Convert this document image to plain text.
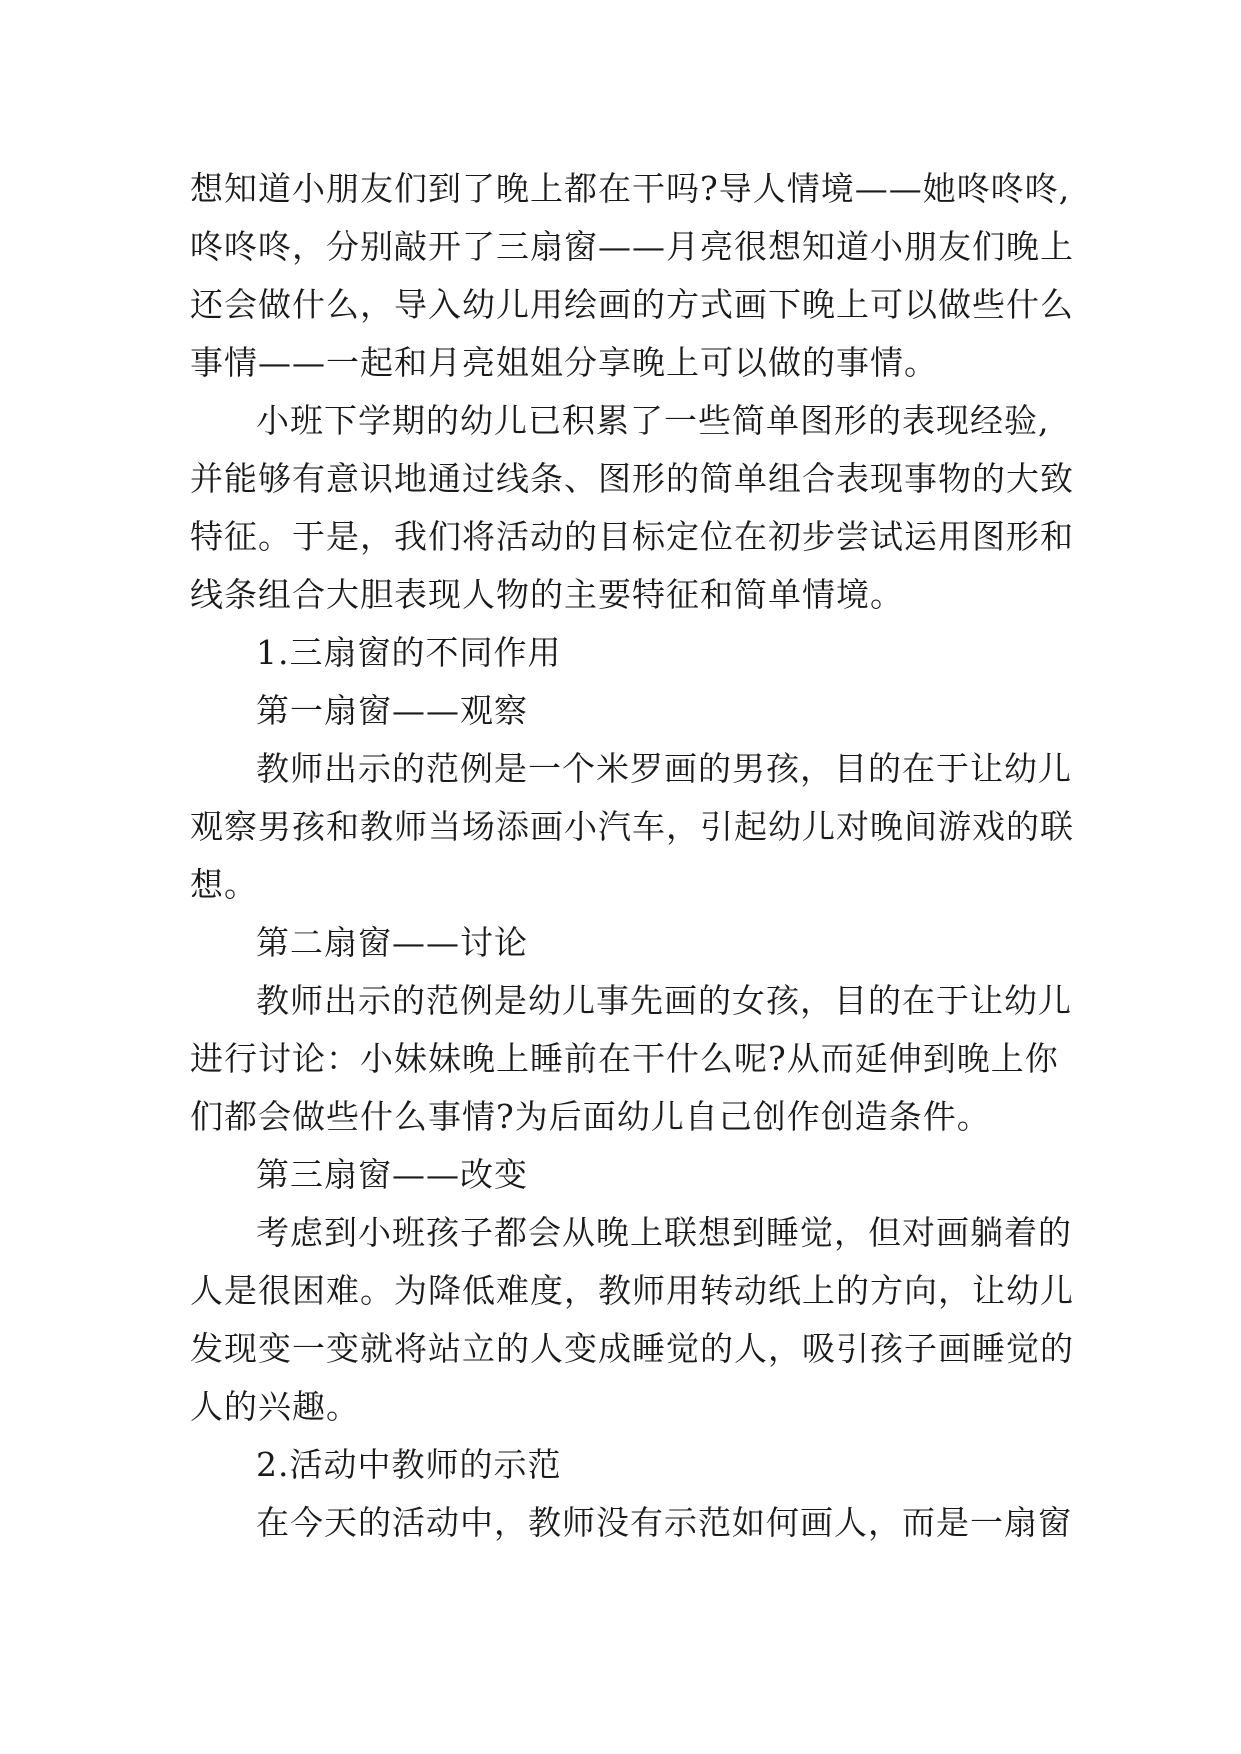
想知道小朋友们到了晚上都在干吗?导人情境——她咚咚咚,
咚咚咚，分别敲开了三扇窗——月亮很想知道小朋友们晚上
还会做什么，导入幼儿用绘画的方式画下晚上可以做些什么
事情——一起和月亮姐姐分享晚上可以做的事情。
小班下学期的幼儿已积累了一些简单图形的表现经验,
并能够有意识地通过线条、图形的简单组合表现事物的大致
特征。于是，我们将活动的目标定位在初步尝试运用图形和
线条组合大胆表现人物的主要特征和简单情境。
1.三扇窗的不同作用
第一扇窗——观察
教师出示的范例是一个米罗画的男孩，目的在于让幼儿
观察男孩和教师当场添画小汽车，引起幼儿对晚间游戏的联
想。
第二扇窗——讨论
教师出示的范例是幼儿事先画的女孩，目的在于让幼儿
进行讨论：小妹妹晚上睡前在干什么呢?从而延伸到晚上你
们都会做些什么事情?为后面幼儿自己创作创造条件。
第三扇窗——改变
考虑到小班孩子都会从晚上联想到睡觉，但对画躺着的
人是很困难。为降低难度，教师用转动纸上的方向，让幼儿
发现变一变就将站立的人变成睡觉的人，吸引孩子画睡觉的
人的兴趣。
2.活动中教师的示范
在今天的活动中，教师没有示范如何画人，而是一扇窗
